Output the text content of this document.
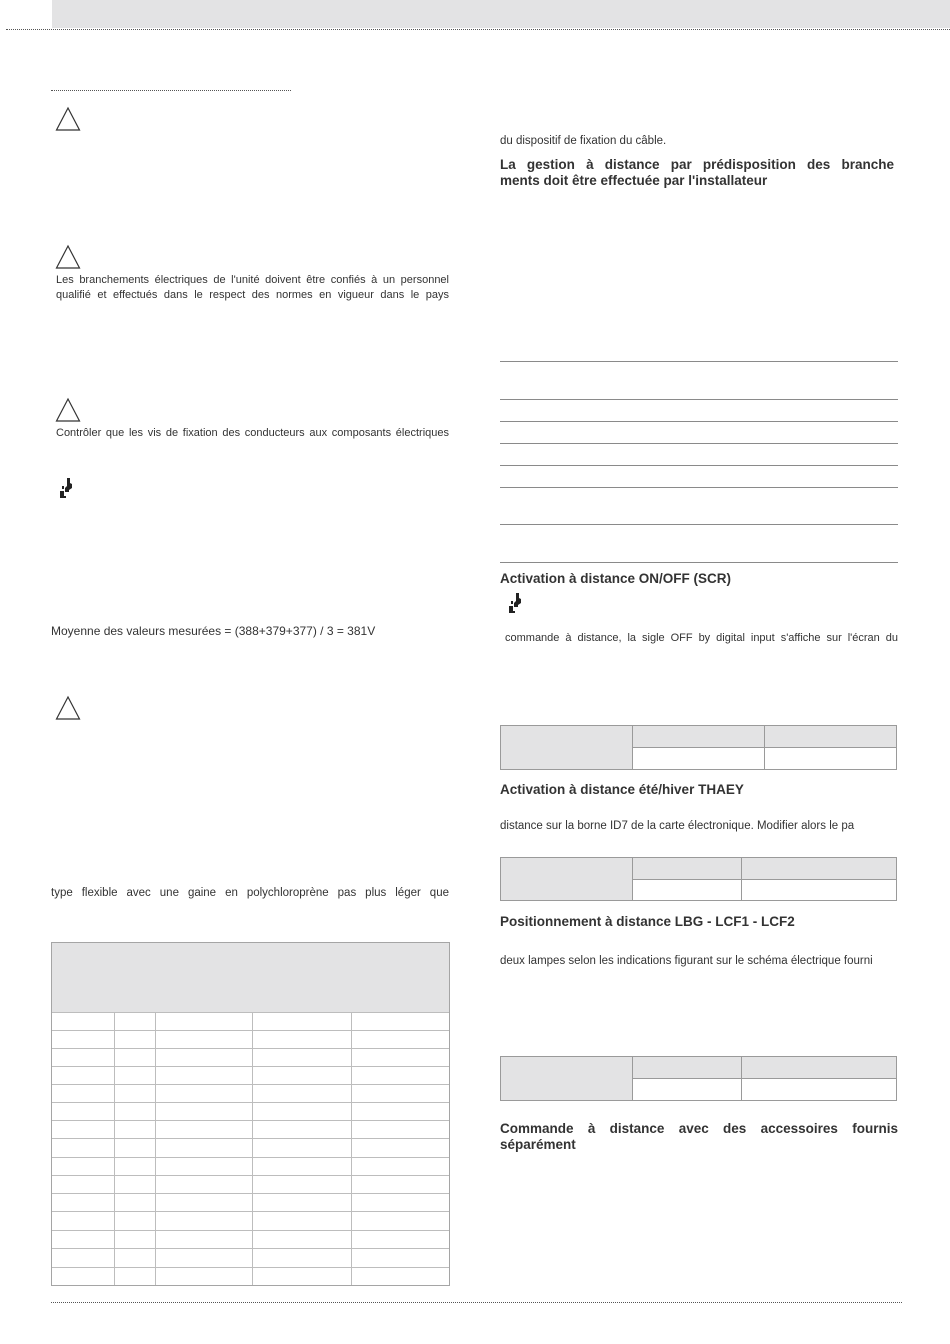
Les branchements électriques de l'unité doivent être confiés à un personnel qualifié et effectués dans le respect des normes en vigueur dans le pays
Contrôler que les vis de fixation des conducteurs aux composants électriques
Moyenne des valeurs mesurées = (388+379+377) / 3 = 381V
type flexible avec une gaine en polychloroprène pas plus léger que
du dispositif de fixation du câble.
La gestion à distance par prédisposition des branche
ments doit être effectuée par l'installateur
Activation à distance ON/OFF (SCR)
commande à distance, la sigle OFF by digital input s'affiche sur l'écran du

Activation à distance été/hiver THAEY
distance sur la borne ID7 de la carte électronique. Modifier alors le pa

Positionnement à distance LBG - LCF1 - LCF2
deux lampes selon les indications figurant sur le schéma électrique fourni

Commande à distance avec des accessoires fournis
séparément
